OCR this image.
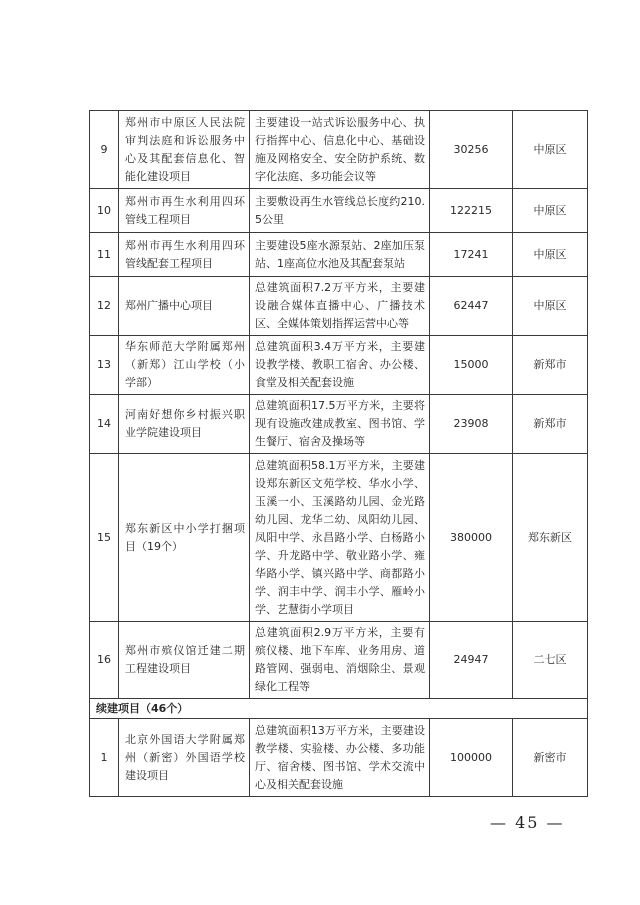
9	郑州市中原区人民法院审判法庭和诉讼服务中心及其配套信息化、智能化建设项目	主要建设一站式诉讼服务中心、执行指挥中心、信息化中心、基础设施及网格安全、安全防护系统、数字化法庭、多功能会议等	30256	中原区
10	郑州市再生水利用四环管线工程项目	主要敷设再生水管线总长度约210.5公里	122215	中原区
11	郑州市再生水利用四环管线配套工程项目	主要建设5座水源泵站、2座加压泵站、1座高位水池及其配套泵站	17241	中原区
12	郑州广播中心项目	总建筑面积7.2万平方米，主要建设融合媒体直播中心、广播技术区、全媒体策划指挥运营中心等	62447	中原区
13	华东师范大学附属郑州（新郑）江山学校（小学部）	总建筑面积3.4万平方米，主要建设教学楼、教职工宿舍、办公楼、食堂及相关配套设施	15000	新郑市
14	河南好想你乡村振兴职业学院建设项目	总建筑面积17.5万平方米，主要将现有设施改建成教室、图书馆、学生餐厅、宿舍及操场等	23908	新郑市
15	郑东新区中小学打捆项目（19个）	总建筑面积58.1万平方米，主要建设郑东新区文苑学校、华水小学、玉溪一小、玉溪路幼儿园、金光路幼儿园、龙华二幼、凤阳幼儿园、凤阳中学、永昌路小学、白杨路小学、升龙路中学、敬业路小学、雍华路小学、镇兴路中学、商都路小学、润丰中学、润丰小学、雁岭小学、艺慧街小学项目	380000	郑东新区
16	郑州市殡仪馆迁建二期工程建设项目	总建筑面积2.9万平方米，主要有殡仪楼、地下车库、业务用房、道路管网、强弱电、消烟除尘、景观绿化工程等	24947	二七区
续建项目（46个）				
1	北京外国语大学附属郑州（新密）外国语学校建设项目	总建筑面积13万平方米，主要建设教学楼、实验楼、办公楼、多功能厅、宿舍楼、图书馆、学术交流中心及相关配套设施	100000	新密市
— 45 —
